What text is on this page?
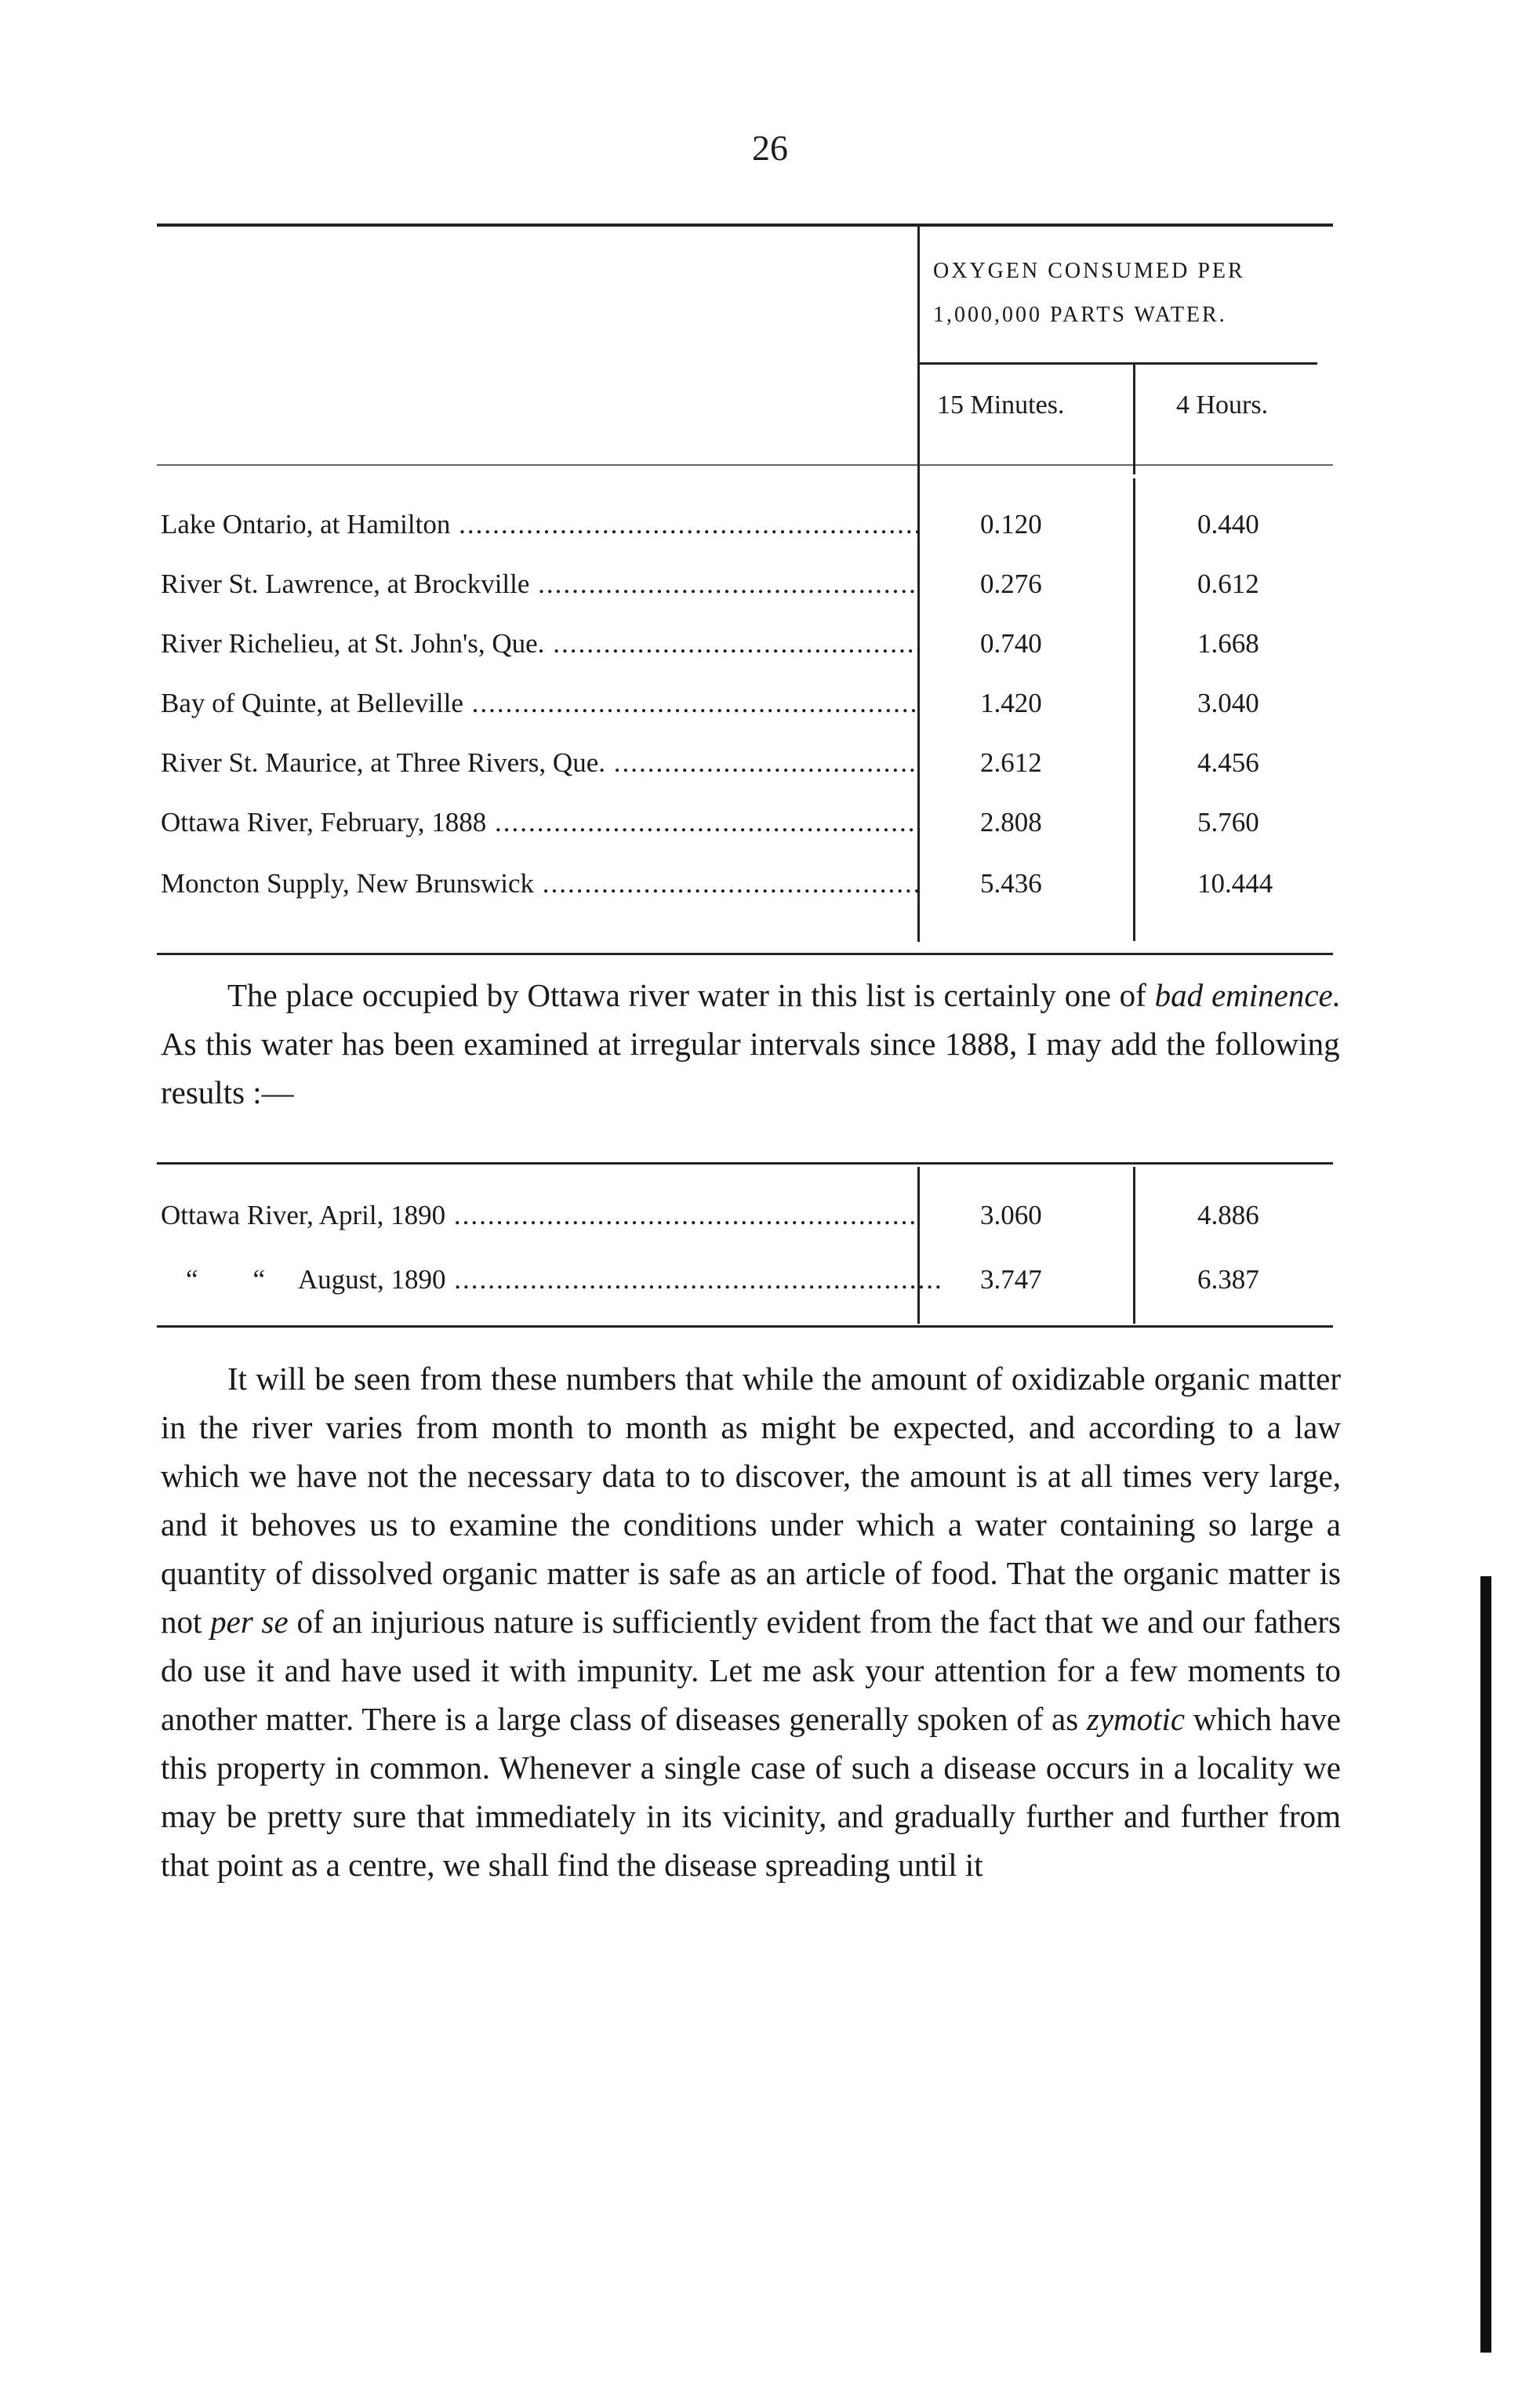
26
OXYGEN CONSUMED PER 1,000,000 PARTS WATER.
15 Minutes.	4 Hours.
Lake Ontario, at Hamilton .....	0.120	0.440
River St. Lawrence, at Brockville .....	0.276	0.612
River Richelieu, at St. John's, Que. .....	0.740	1.668
Bay of Quinte, at Belleville .....	1.420	3.040
River St. Maurice, at Three Rivers, Que. .....	2.612	4.456
Ottawa River, February, 1888 .....	2.808	5.760
Moncton Supply, New Brunswick .....	5.436	10.444

The place occupied by Ottawa river water in this list is certainly one of bad eminence. As this water has been examined at irregular intervals since 1888, I may add the following results :—

Ottawa River, April, 1890 .....	3.060	4.886
“        “     August, 1890 .....	3.747	6.387

It will be seen from these numbers that while the amount of oxidizable organic matter in the river varies from month to month as might be expected, and according to a law which we have not the necessary data to to discover, the amount is at all times very large, and it behoves us to examine the conditions under which a water containing so large a quantity of dissolved organic matter is safe as an article of food. That the organic matter is not per se of an injurious nature is sufficiently evident from the fact that we and our fathers do use it and have used it with impunity. Let me ask your attention for a few moments to another matter. There is a large class of diseases generally spoken of as zymotic which have this property in common. Whenever a single case of such a disease occurs in a locality we may be pretty sure that immediately in its vicinity, and gradually further and further from that point as a centre, we shall find the disease spreading until it
